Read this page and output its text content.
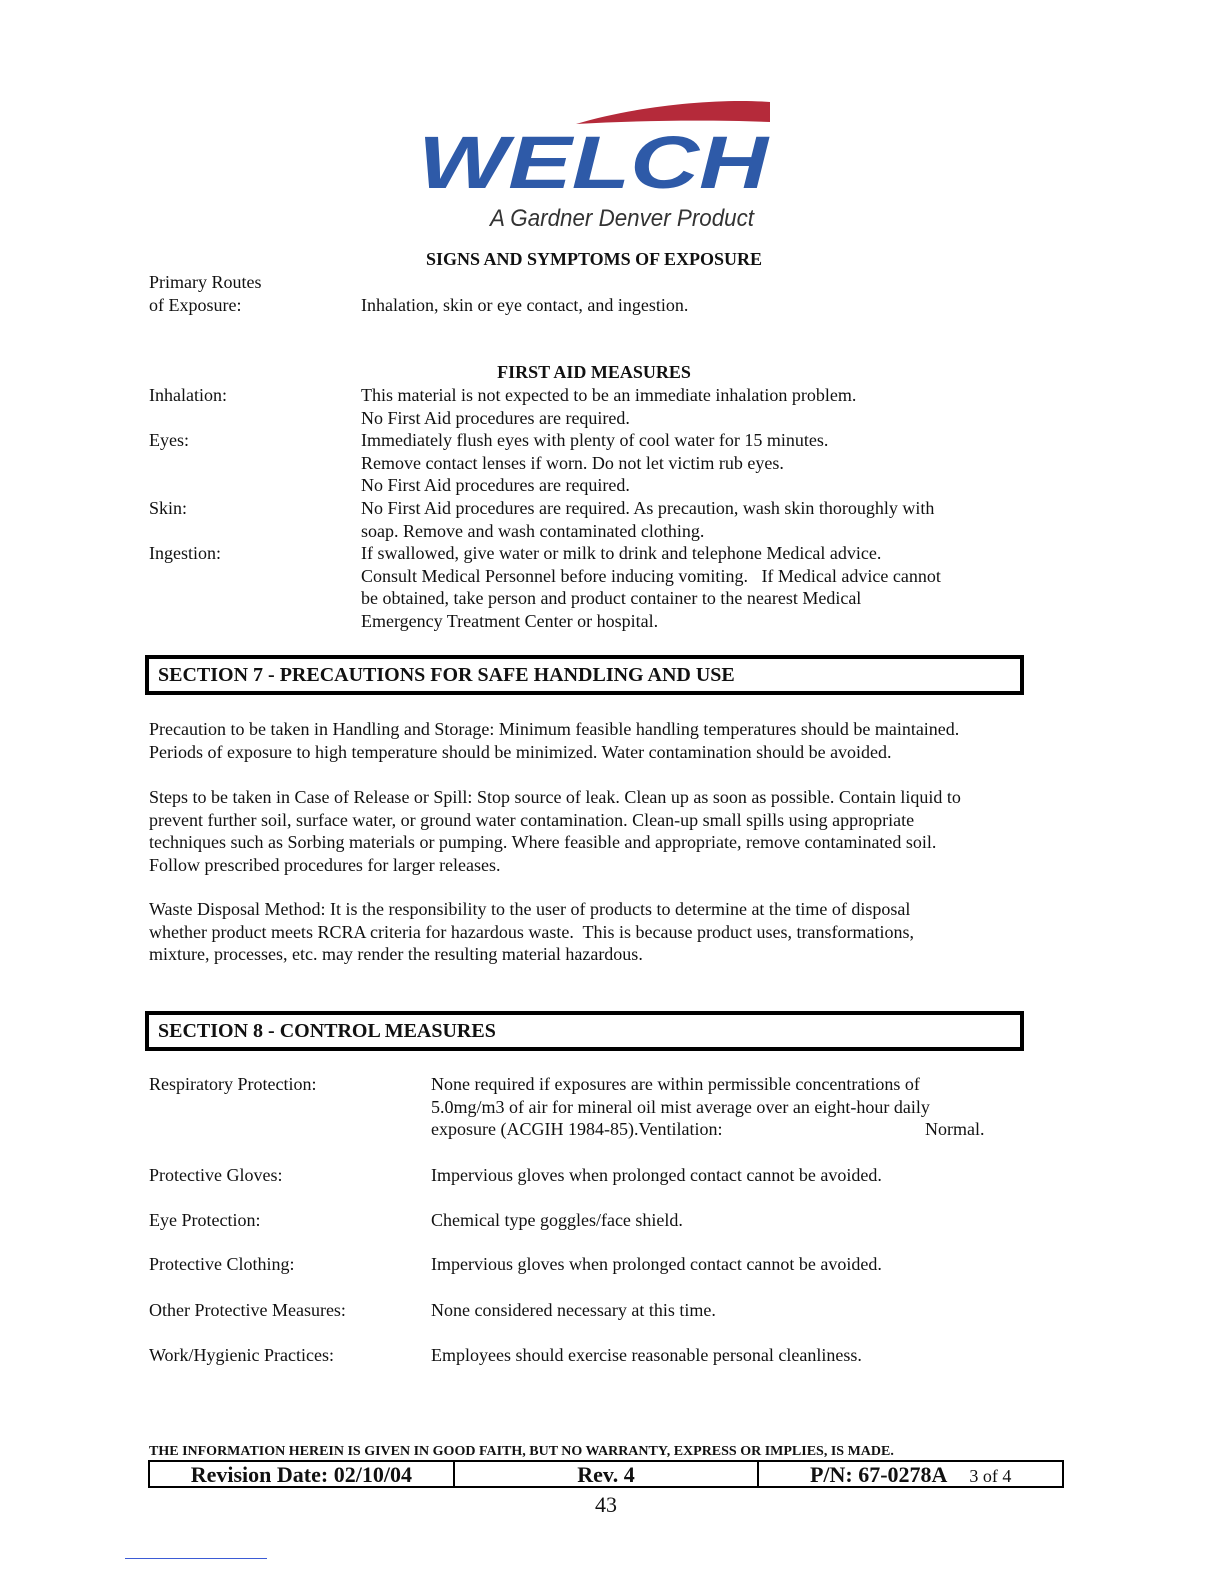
WELCH
A Gardner Denver Product
SIGNS AND SYMPTOMS OF EXPOSURE
Primary Routes
of Exposure:	Inhalation, skin or eye contact, and ingestion.
FIRST AID MEASURES
Inhalation:	This material is not expected to be an immediate inhalation problem.
No First Aid procedures are required.
Eyes:	Immediately flush eyes with plenty of cool water for 15 minutes.
Remove contact lenses if worn. Do not let victim rub eyes.
No First Aid procedures are required.
Skin:	No First Aid procedures are required. As precaution, wash skin thoroughly with
soap. Remove and wash contaminated clothing.
Ingestion:	If swallowed, give water or milk to drink and telephone Medical advice.
Consult Medical Personnel before inducing vomiting.   If Medical advice cannot
be obtained, take person and product container to the nearest Medical
Emergency Treatment Center or hospital.
SECTION 7 - PRECAUTIONS FOR SAFE HANDLING AND USE
Precaution to be taken in Handling and Storage: Minimum feasible handling temperatures should be maintained.
Periods of exposure to high temperature should be minimized. Water contamination should be avoided.
Steps to be taken in Case of Release or Spill: Stop source of leak. Clean up as soon as possible. Contain liquid to
prevent further soil, surface water, or ground water contamination. Clean-up small spills using appropriate
techniques such as Sorbing materials or pumping. Where feasible and appropriate, remove contaminated soil.
Follow prescribed procedures for larger releases.
Waste Disposal Method: It is the responsibility to the user of products to determine at the time of disposal
whether product meets RCRA criteria for hazardous waste.  This is because product uses, transformations,
mixture, processes, etc. may render the resulting material hazardous.
SECTION 8 - CONTROL MEASURES
Respiratory Protection:	None required if exposures are within permissible concentrations of
5.0mg/m3 of air for mineral oil mist average over an eight-hour daily
exposure (ACGIH 1984-85).Ventilation:	Normal.
Protective Gloves:	Impervious gloves when prolonged contact cannot be avoided.
Eye Protection:	Chemical type goggles/face shield.
Protective Clothing:	Impervious gloves when prolonged contact cannot be avoided.
Other Protective Measures:	None considered necessary at this time.
Work/Hygienic Practices:	Employees should exercise reasonable personal cleanliness.
THE INFORMATION HEREIN IS GIVEN IN GOOD FAITH, BUT NO WARRANTY, EXPRESS OR IMPLIES, IS MADE.
Revision Date: 02/10/04	Rev. 4	P/N: 67-0278A 3 of 4
43
